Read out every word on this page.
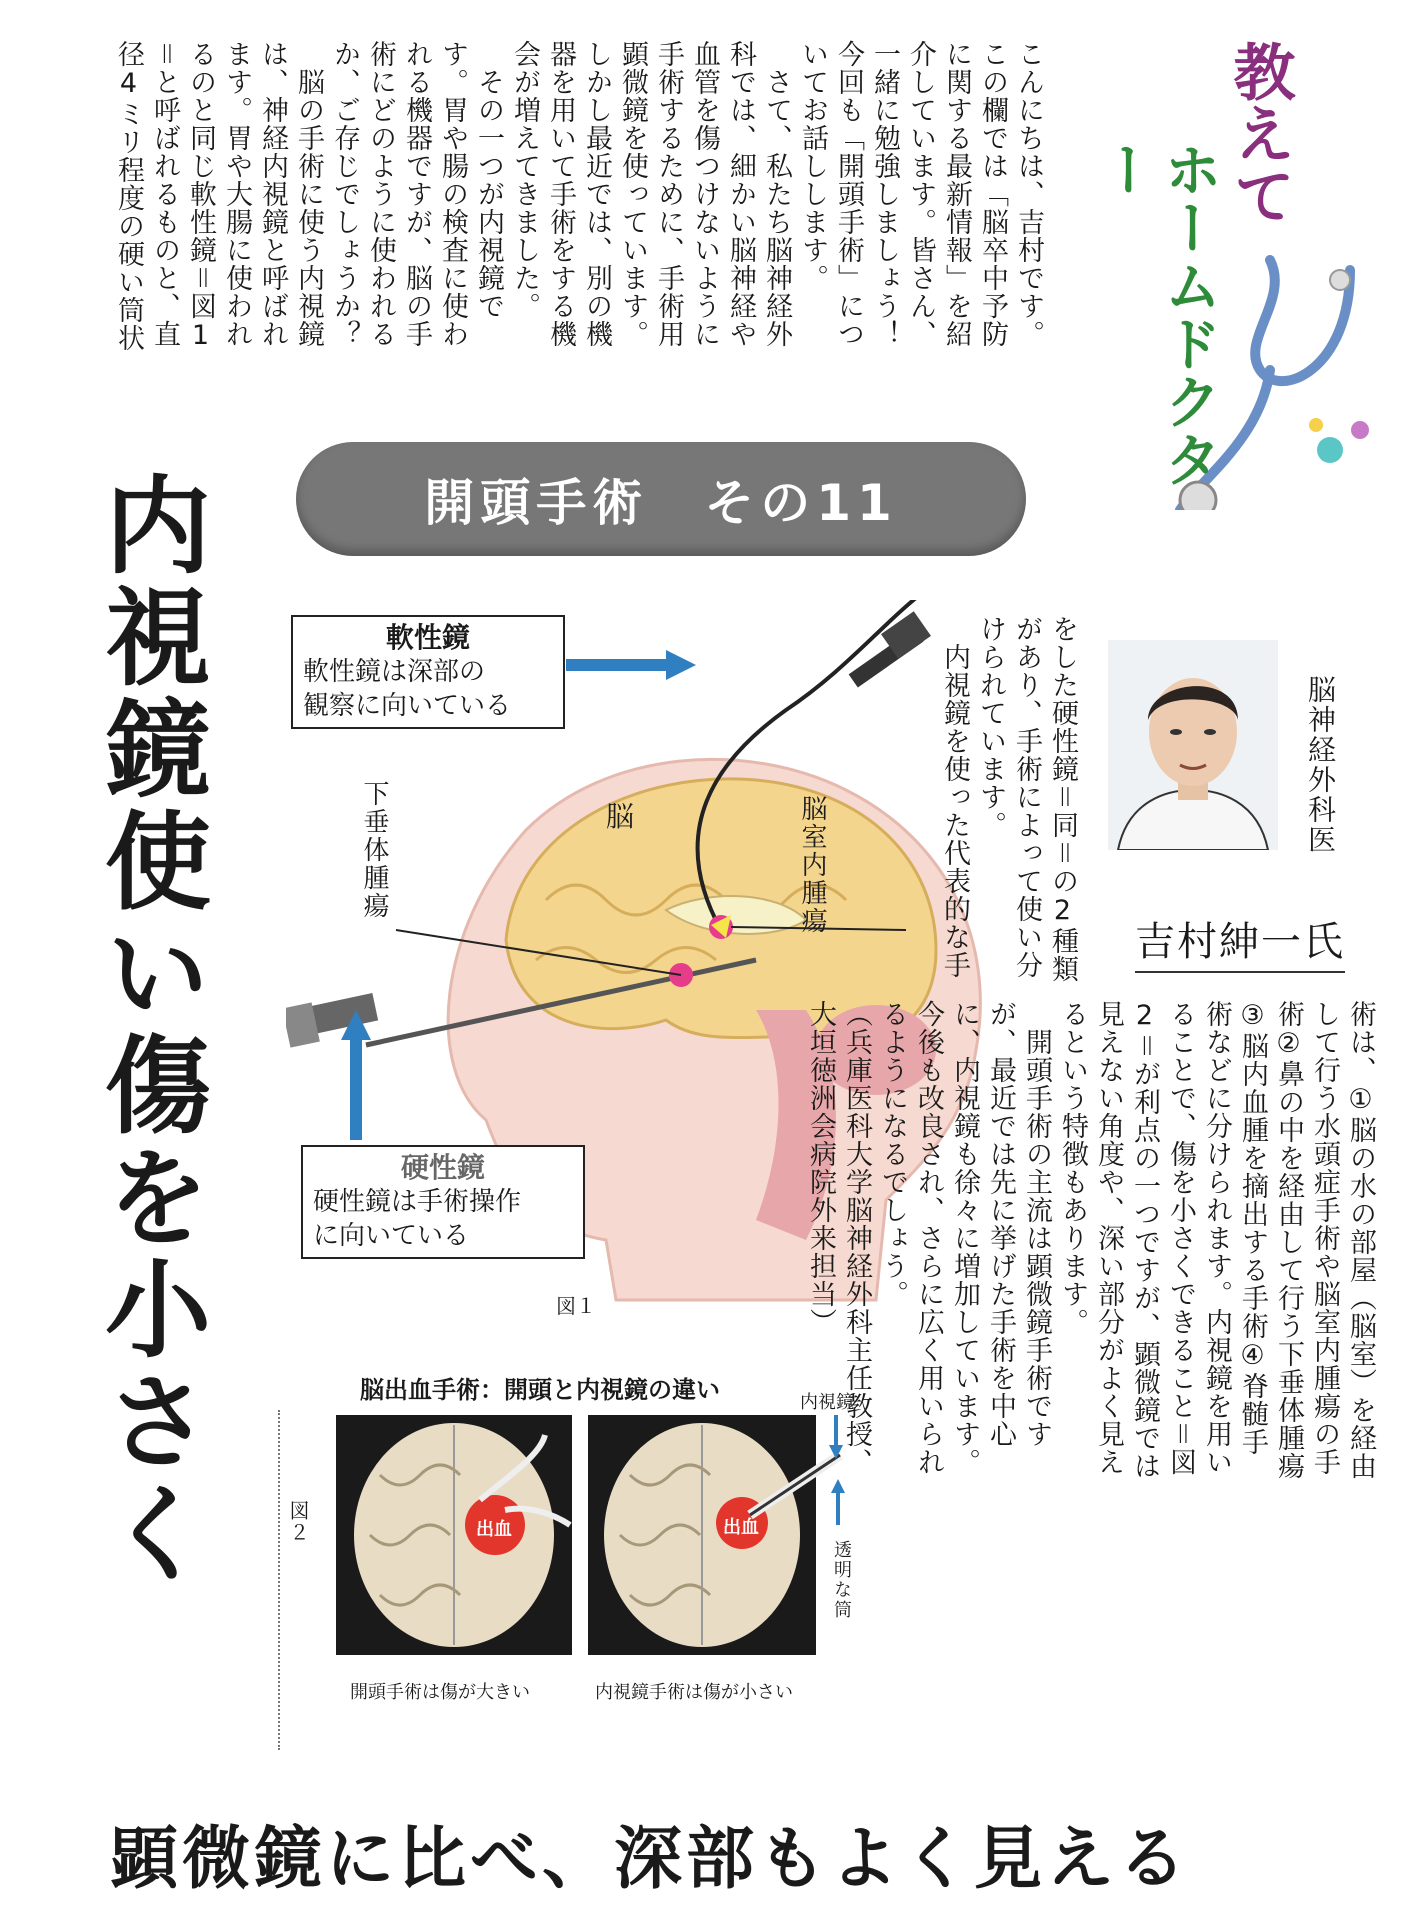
こんにちは、吉村です。この欄では「脳卒中予防に関する最新情報」を紹介しています。皆さん、一緒に勉強しましょう！　今回も「開頭手術」についてお話しします。

　さて、私たち脳神経外科では、細かい脳神経や血管を傷つけないように手術するために、手術用顕微鏡を使っています。しかし最近では、別の機器を用いて手術をする機会が増えてきました。

　その一つが内視鏡です。胃や腸の検査に使われる機器ですが、脳の手術にどのように使われるか、ご存じでしょうか？

　脳の手術に使う内視鏡は、神経内視鏡と呼ばれます。胃や大腸に使われるのと同じ軟性鏡＝図1＝と呼ばれるものと、直径4ミリ程度の硬い筒状	教えて
ホームドクター
開頭手術　その11
内視鏡使い傷を小さく	軟性鏡
軟性鏡は深部の
観察に向いている
硬性鏡
硬性鏡は手術操作
に向いている
脳
下垂体腫瘍	脳室内腫瘍
図１
脳神経外科医
吉村紳一氏

をした硬性鏡＝同＝の2種類があり、手術によって使い分けられています。

　内視鏡を使った代表的な手

術は、①脳の水の部屋（脳室）を経由して行う水頭症手術や脳室内腫瘍の手術②鼻の中を経由して行う下垂体腫瘍③脳内血腫を摘出する手術④脊髄手術などに分けられます。内視鏡を用いることで、傷を小さくできること＝図2＝が利点の一つですが、顕微鏡では見えない角度や、深い部分がよく見えるという特徴もあります。

　開頭手術の主流は顕微鏡手術ですが、最近では先に挙げた手術を中心に、内視鏡も徐々に増加しています。今後も改良され、さらに広く用いられるようになるでしょう。

（兵庫医科大学脳神経外科主任教授、大垣徳洲会病院外来担当）

脳出血手術：開頭と内視鏡の違い
図２	出血	出血
内視鏡
透明な筒
開頭手術は傷が大きい	内視鏡手術は傷が小さい
顕微鏡に比べ、深部もよく見える
